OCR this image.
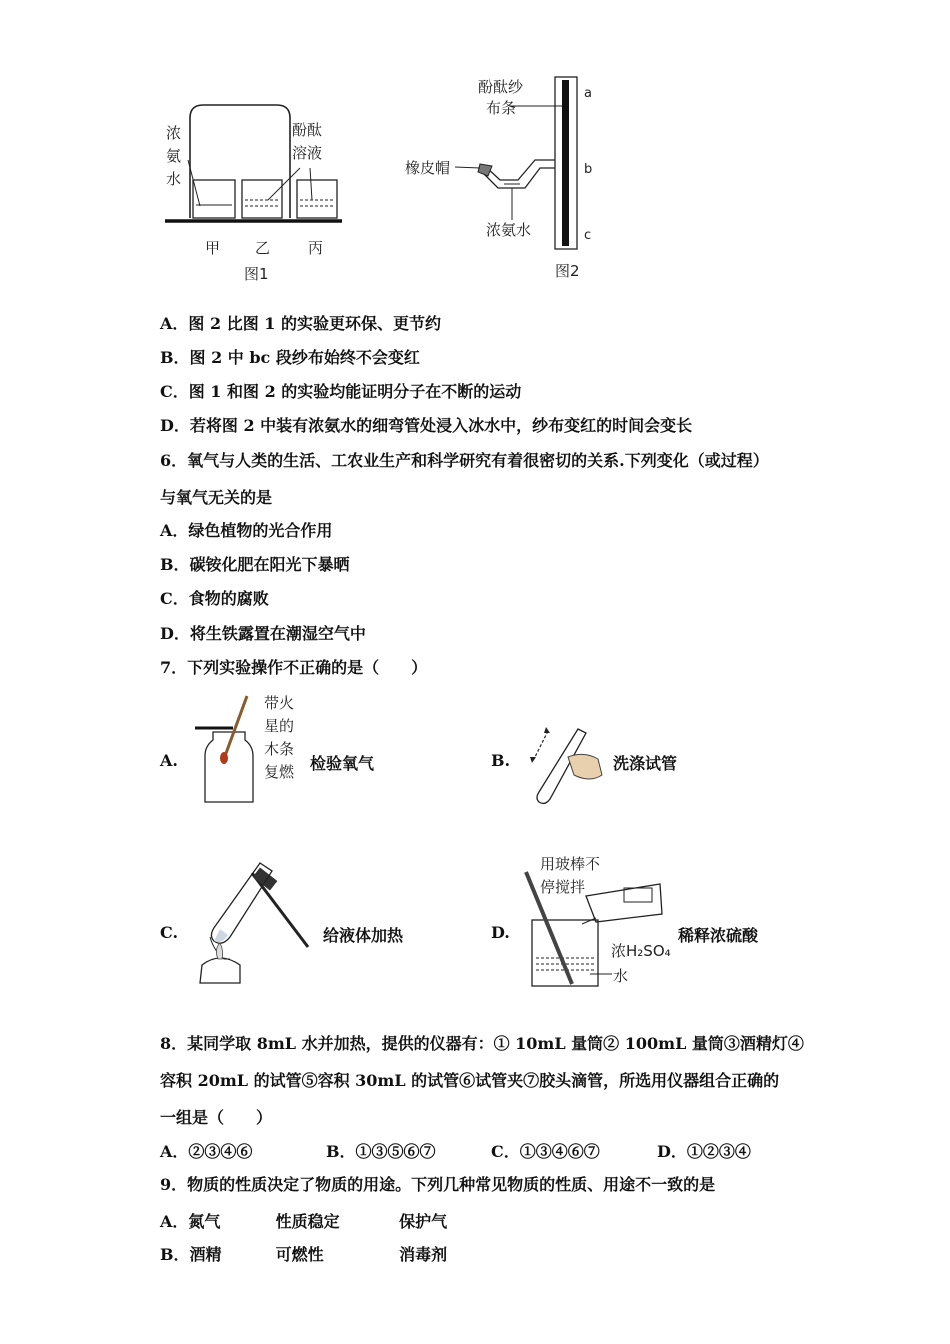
浓
氨
水
酚酞
溶液
甲 乙	丙
图1
酚酞纱
布条
a
b
c
橡皮帽
浓氨水
图2
A．图 2 比图 1 的实验更环保、更节约
B．图 2 中 bc 段纱布始终不会变红
C．图 1 和图 2 的实验均能证明分子在不断的运动
D．若将图 2 中装有浓氨水的细弯管处浸入冰水中，纱布变红的时间会变长
6．氧气与人类的生活、工农业生产和科学研究有着很密切的关系.下列变化（或过程）
与氧气无关的是
A．绿色植物的光合作用
B．碳铵化肥在阳光下暴晒
C．食物的腐败
D．将生铁露置在潮湿空气中
7．下列实验操作不正确的是（　　）
A.
带火
星的
木条
复燃 检验氧气	B.	洗涤试管
C.	给液体加热	D.
用玻棒不
停搅拌
浓H₂SO₄
水
稀释浓硫酸
8．某同学取 8mL 水并加热，提供的仪器有：① 10mL 量筒② 100mL 量筒③酒精灯④
容积 20mL 的试管⑤容积 30mL 的试管⑥试管夹⑦胶头滴管，所选用仪器组合正确的
一组是（　　）
A．②③④⑥	B．①③⑤⑥⑦	C．①③④⑥⑦	D．①②③④
9．物质的性质决定了物质的用途。下列几种常见物质的性质、用途不一致的是
A．氮气	性质稳定	保护气
B．酒精	可燃性	消毒剂
